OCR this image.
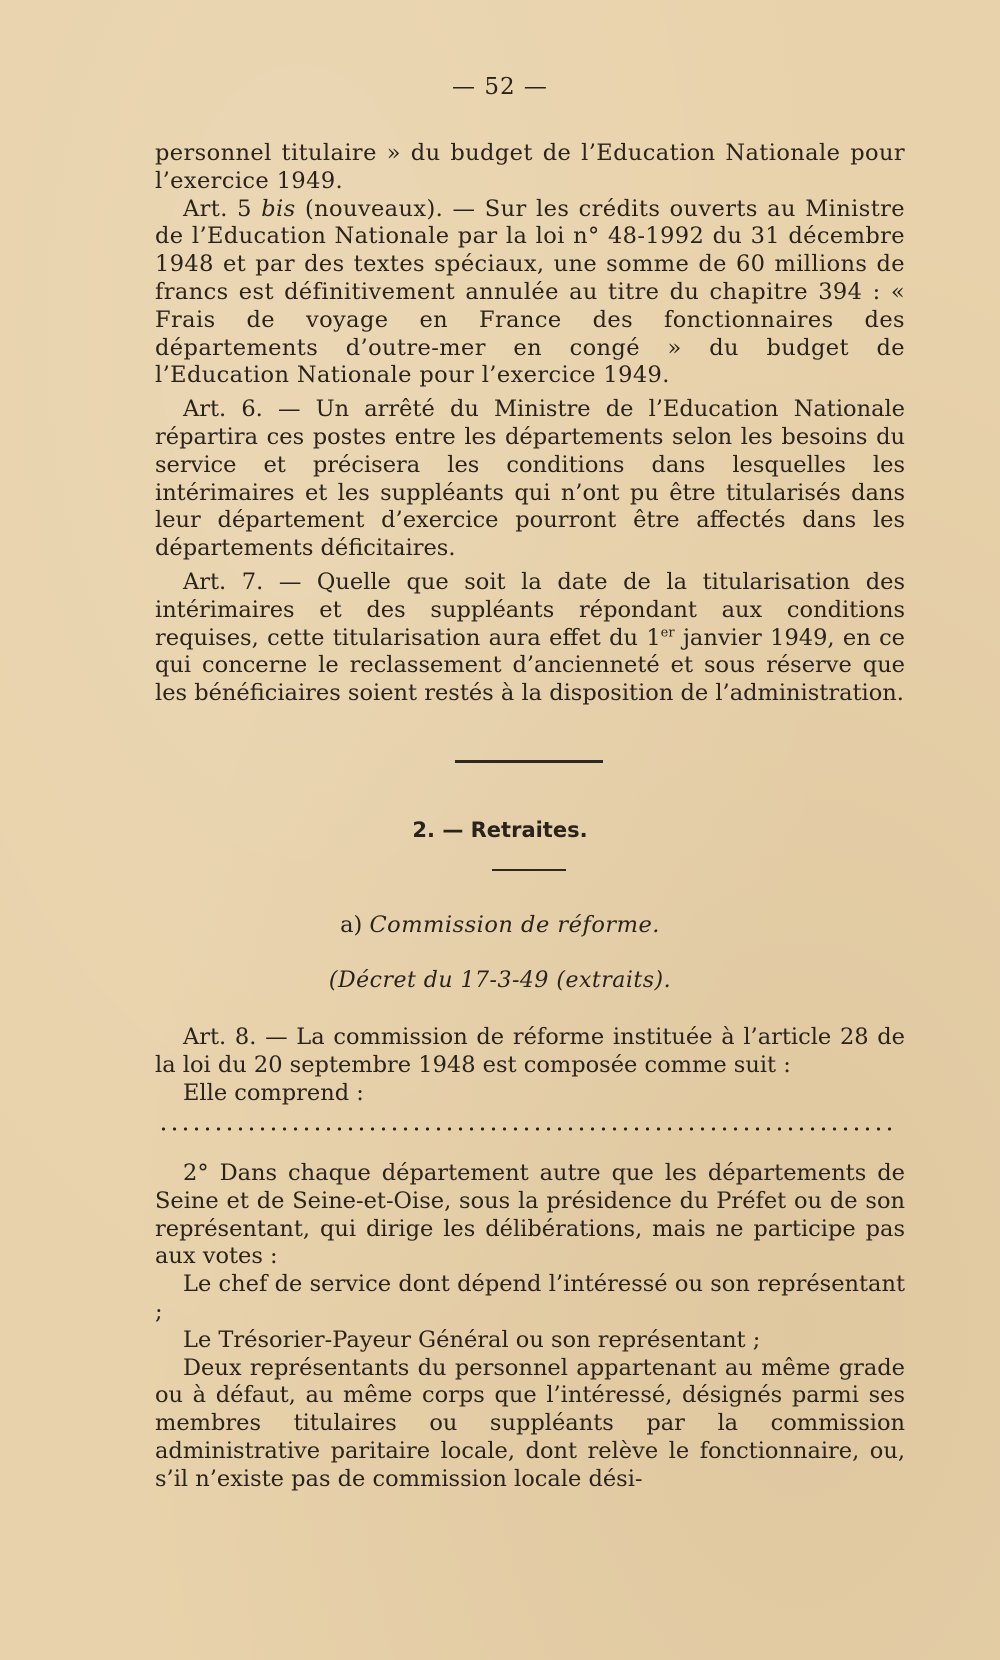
— 52 —

personnel titulaire » du budget de l’Education Nationale pour l’exercice 1949.

Art. 5 bis (nouveaux). — Sur les crédits ouverts au Ministre de l’Education Nationale par la loi n° 48-1992 du 31 décembre 1948 et par des textes spéciaux, une somme de 60 millions de francs est définitivement annulée au titre du chapitre 394 : « Frais de voyage en France des fonctionnaires des départements d’outre-mer en congé » du budget de l’Education Nationale pour l’exercice 1949.

Art. 6. — Un arrêté du Ministre de l’Education Nationale répartira ces postes entre les départements selon les besoins du service et précisera les conditions dans lesquelles les intérimaires et les suppléants qui n’ont pu être titularisés dans leur département d’exercice pourront être affectés dans les départements déficitaires.

Art. 7. — Quelle que soit la date de la titularisation des intérimaires et des suppléants répondant aux conditions requises, cette titularisation aura effet du 1er janvier 1949, en ce qui concerne le reclassement d’ancienneté et sous réserve que les bénéficiaires soient restés à la disposition de l’administration.

2. — Retraites.
a) Commission de réforme.
(Décret du 17-3-49 (extraits).

Art. 8. — La commission de réforme instituée à l’article 28 de la loi du 20 septembre 1948 est composée comme suit :

Elle comprend :

2° Dans chaque département autre que les départements de Seine et de Seine-et-Oise, sous la présidence du Préfet ou de son représentant, qui dirige les délibérations, mais ne participe pas aux votes :

Le chef de service dont dépend l’intéressé ou son représentant ;

Le Trésorier-Payeur Général ou son représentant ;

Deux représentants du personnel appartenant au même grade ou à défaut, au même corps que l’intéressé, désignés parmi ses membres titulaires ou suppléants par la commission administrative paritaire locale, dont relève le fonctionnaire, ou, s’il n’existe pas de commission locale dési-
